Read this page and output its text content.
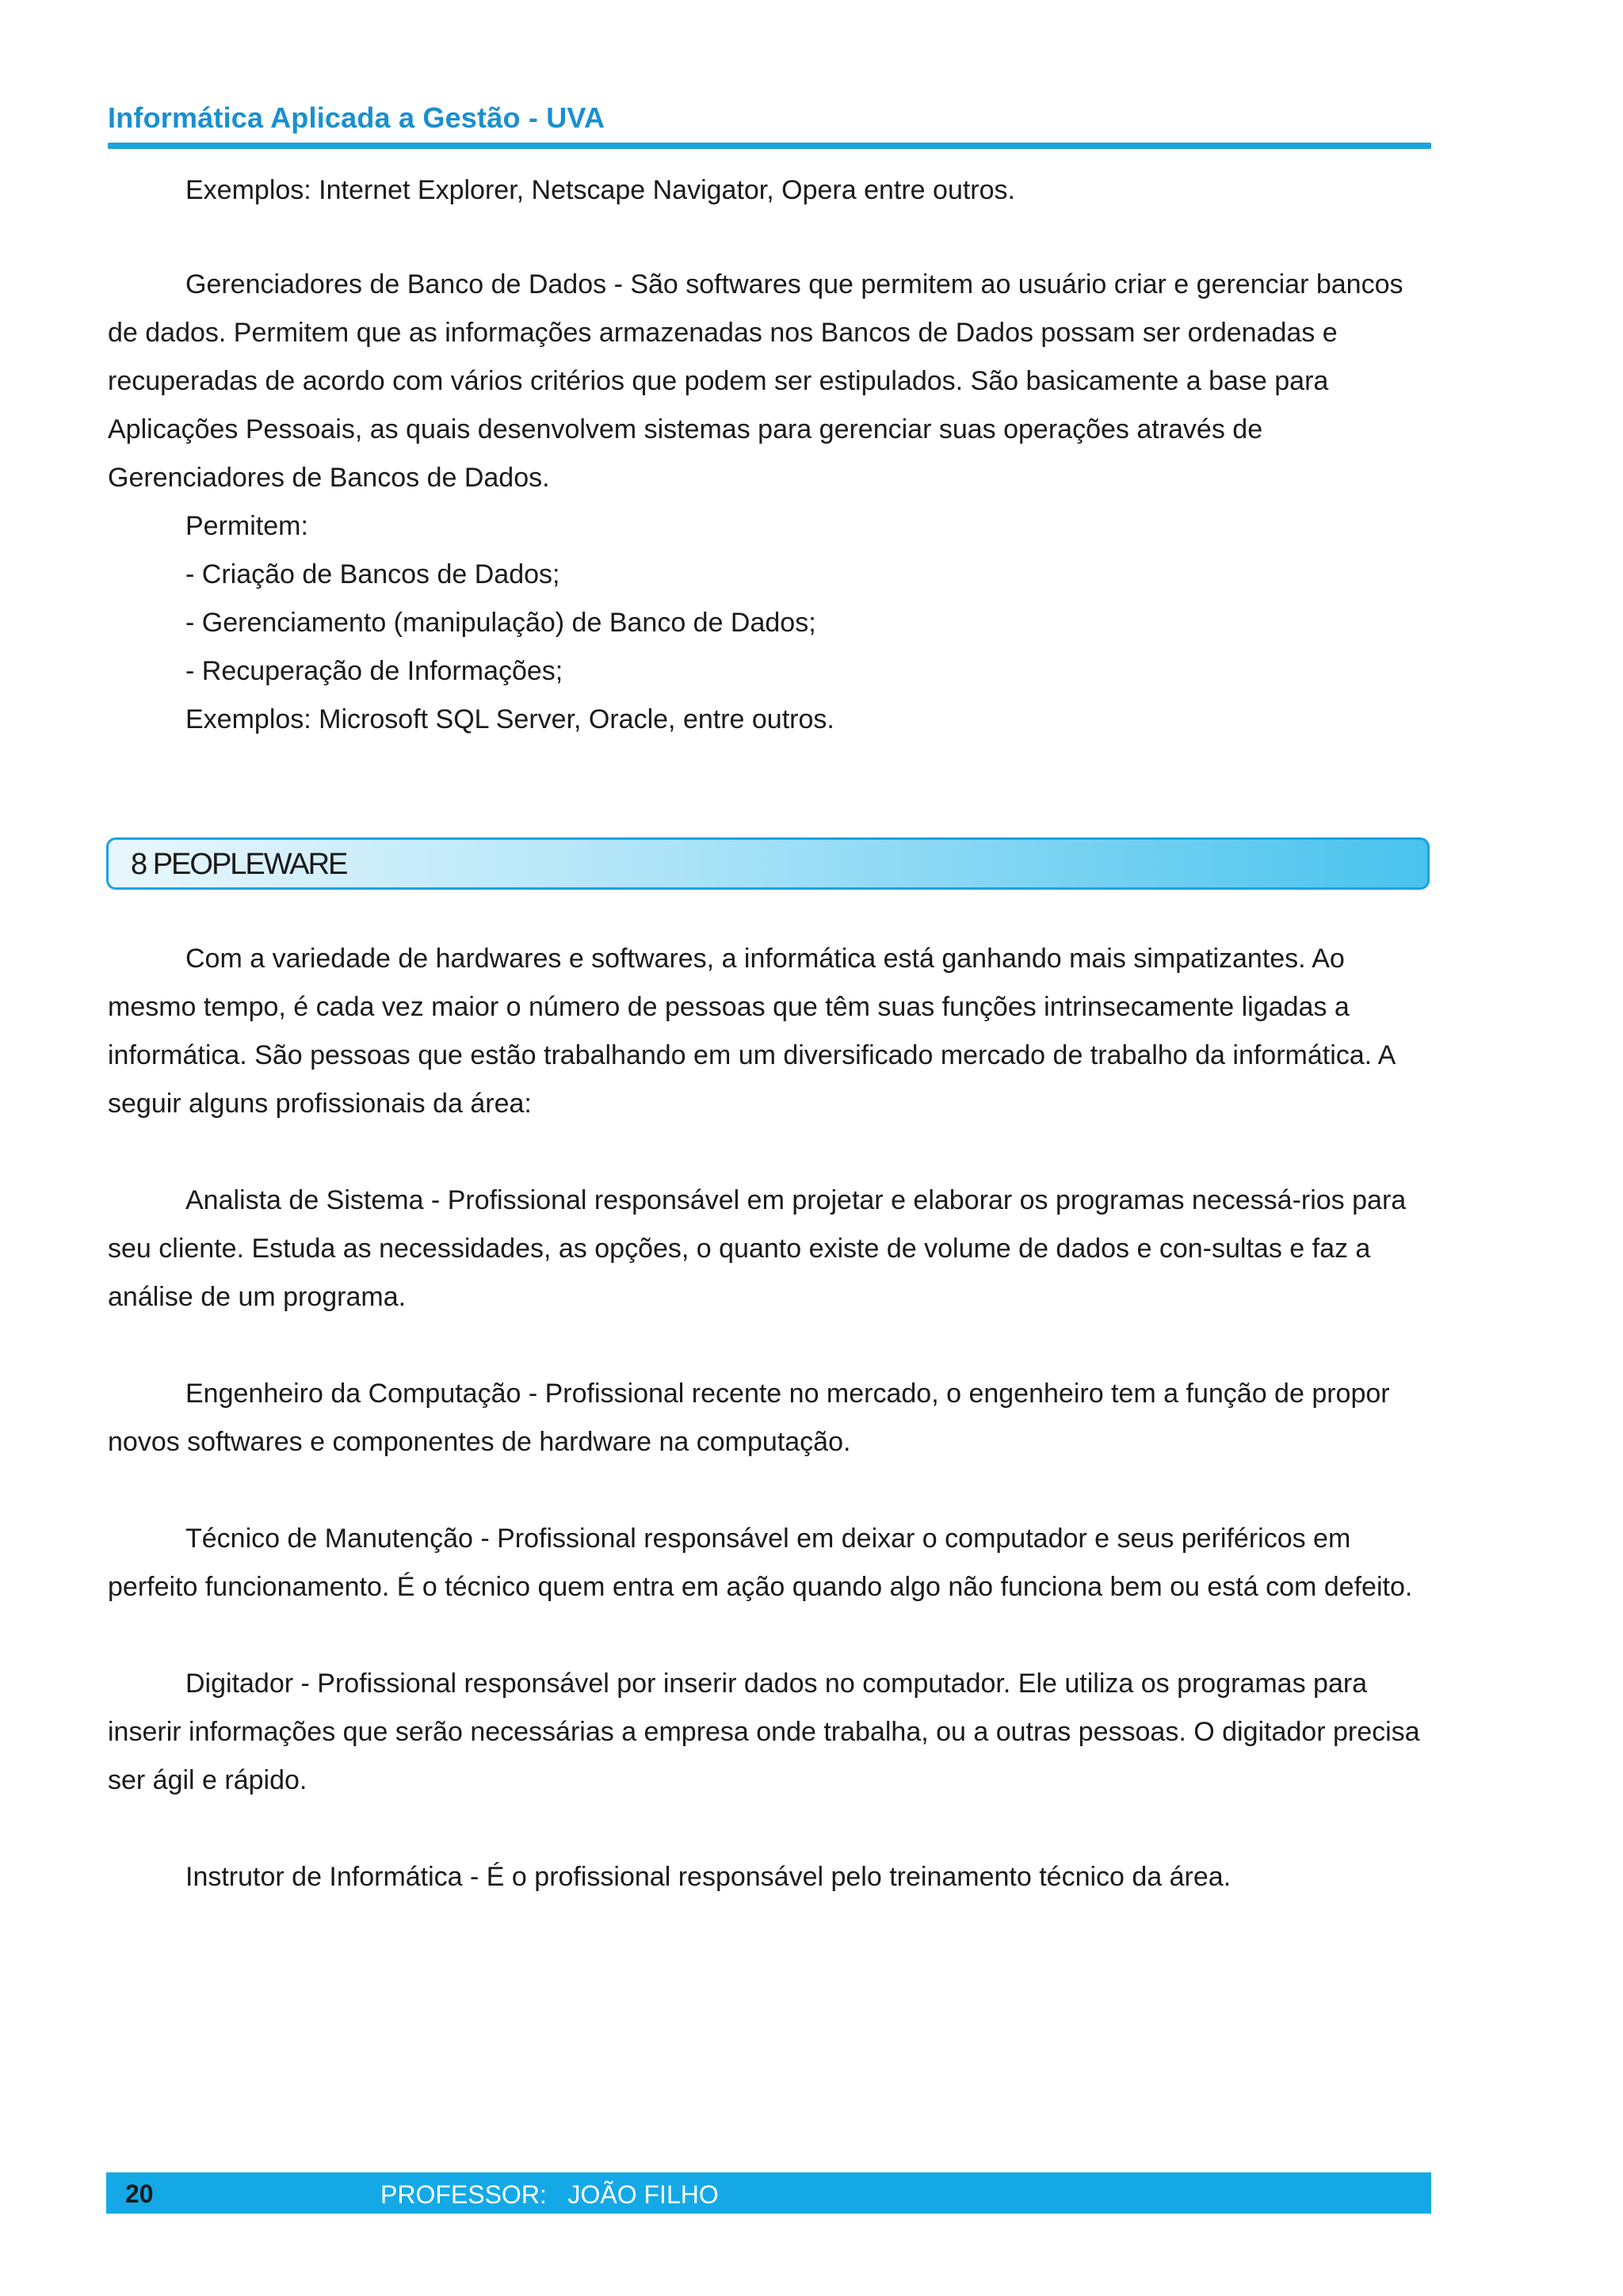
Informática Aplicada a Gestão - UVA

Exemplos: Internet Explorer, Netscape Navigator, Opera entre outros.

Gerenciadores de Banco de Dados - São softwares que permitem ao usuário criar e gerenciar bancos de dados. Permitem que as informações armazenadas nos Bancos de Dados possam ser ordenadas e recuperadas de acordo com vários critérios que podem ser estipulados. São basicamente a base para Aplicações Pessoais, as quais desenvolvem sistemas para gerenciar suas operações através de Gerenciadores de Bancos de Dados.

Permitem:

- Criação de Bancos de Dados;

- Gerenciamento (manipulação) de Banco de Dados;

- Recuperação de Informações;

Exemplos: Microsoft SQL Server, Oracle, entre outros.

8 PEOPLEWARE

Com a variedade de hardwares e softwares, a informática está ganhando mais simpatizantes. Ao mesmo tempo, é cada vez maior o número de pessoas que têm suas funções intrinsecamente ligadas a informática. São pessoas que estão trabalhando em um diversificado mercado de trabalho da informática. A seguir alguns profissionais da área:

Analista de Sistema - Profissional responsável em projetar e elaborar os programas necessá-rios para seu cliente. Estuda as necessidades, as opções, o quanto existe de volume de dados e con-sultas e faz a análise de um programa.

Engenheiro da Computação - Profissional recente no mercado, o engenheiro tem a função de propor novos softwares e componentes de hardware na computação.

Técnico de Manutenção - Profissional responsável em deixar o computador e seus periféricos em perfeito funcionamento. É o técnico quem entra em ação quando algo não funciona bem ou está com defeito.

Digitador - Profissional responsável por inserir dados no computador. Ele utiliza os programas para inserir informações que serão necessárias a empresa onde trabalha, ou a outras pessoas. O digitador precisa ser ágil e rápido.

Instrutor de Informática - É o profissional responsável pelo treinamento técnico da área.

20	PROFESSOR:   JOÃO FILHO
